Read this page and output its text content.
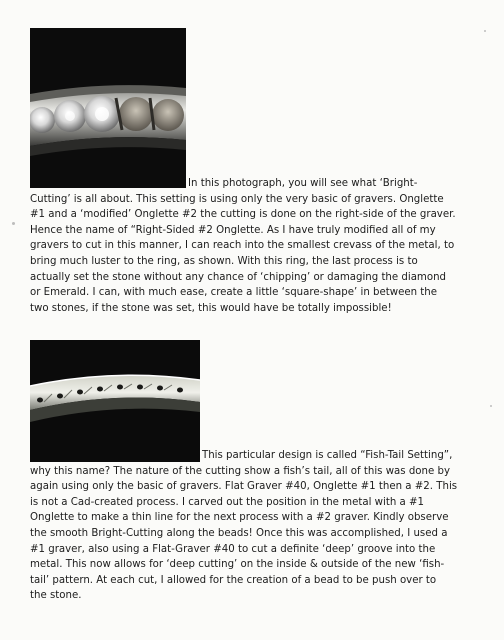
In this photograph, you will see what ‘Bright-
Cutting’ is all about. This setting is using only the very basic of gravers. Onglette
#1 and a ‘modified’ Onglette #2 the cutting is done on the right-side of the graver.
Hence the name of “Right-Sided #2 Onglette. As I have truly modified all of my
gravers to cut in this manner, I can reach into the smallest crevass of the metal, to
bring much luster to the ring, as shown. With this ring, the last process is to
actually set the stone without any chance of ‘chipping’ or damaging the diamond
or Emerald. I can, with much ease, create a little ‘square-shape’ in between the
two stones, if the stone was set, this would have be totally impossible!
This particular design is called “Fish-Tail Setting”,
why this name? The nature of the cutting show a fish’s tail, all of this was done by
again using only the basic of gravers. Flat Graver #40, Onglette #1 then a #2. This
is not a Cad-created process. I carved out the position in the metal with a #1
Onglette to make a thin line for the next process with a #2 graver. Kindly observe
the smooth Bright-Cutting along the beads! Once this was accomplished, I used a
#1 graver, also using a Flat-Graver #40 to cut a definite ‘deep’ groove into the
metal. This now allows for ‘deep cutting’ on the inside & outside of the new ‘fish-
tail’ pattern. At each cut, I allowed for the creation of a bead to be push over to
the stone.
